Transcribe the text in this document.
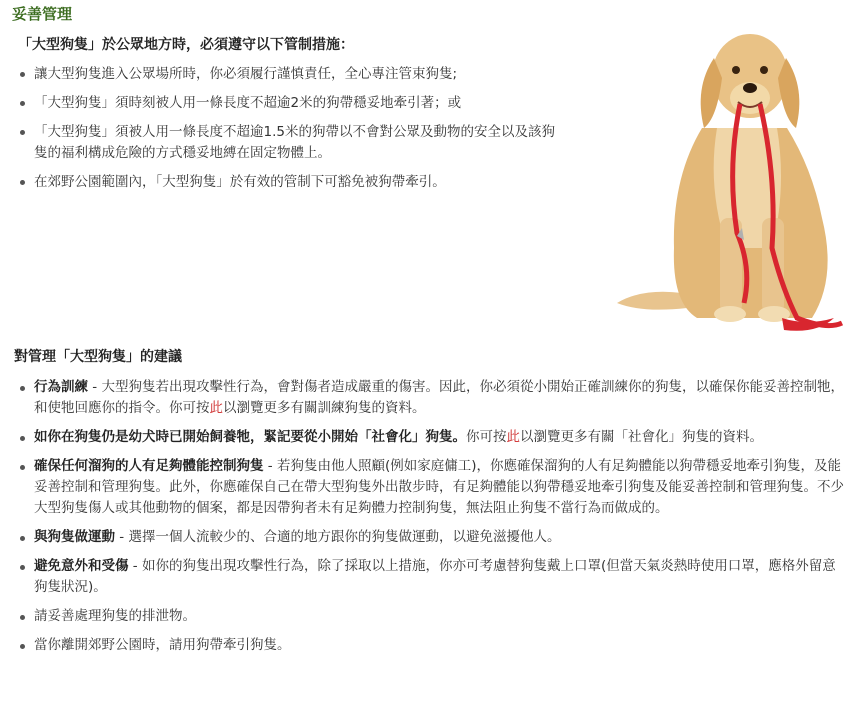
妥善管理

「大型狗隻」於公眾地方時，必須遵守以下管制措施：

讓大型狗隻進入公眾場所時，你必須履行謹慎責任，全心專注管束狗隻;
「大型狗隻」須時刻被人用一條長度不超逾2米的狗帶穩妥地牽引著；或
「大型狗隻」須被人用一條長度不超逾1.5米的狗帶以不會對公眾及動物的安全以及該狗隻的福利構成危險的方式穩妥地縛在固定物體上。
在郊野公園範圍內，「大型狗隻」於有效的管制下可豁免被狗帶牽引。
對管理「大型狗隻」的建議
行為訓練 - 大型狗隻若出現攻擊性行為，會對傷者造成嚴重的傷害。因此，你必須從小開始正確訓練你的狗隻，以確保你能妥善控制牠，和使牠回應你的指令。你可按此以瀏覽更多有關訓練狗隻的資料。
如你在狗隻仍是幼犬時已開始飼養牠，緊記要從小開始「社會化」狗隻。你可按此以瀏覽更多有關「社會化」狗隻的資料。
確保任何溜狗的人有足夠體能控制狗隻 - 若狗隻由他人照顧(例如家庭傭工)，你應確保溜狗的人有足夠體能以狗帶穩妥地牽引狗隻，及能妥善控制和管理狗隻。此外，你應確保自己在帶大型狗隻外出散步時，有足夠體能以狗帶穩妥地牽引狗隻及能妥善控制和管理狗隻。不少大型狗隻傷人或其他動物的個案，都是因帶狗者未有足夠體力控制狗隻，無法阻止狗隻不當行為而做成的。
與狗隻做運動 - 選擇一個人流較少的、合適的地方跟你的狗隻做運動，以避免滋擾他人。
避免意外和受傷 - 如你的狗隻出現攻擊性行為，除了採取以上措施，你亦可考慮替狗隻戴上口罩(但當天氣炎熱時使用口罩，應格外留意狗隻狀況)。
請妥善處理狗隻的排泄物。
當你離開郊野公園時，請用狗帶牽引狗隻。
